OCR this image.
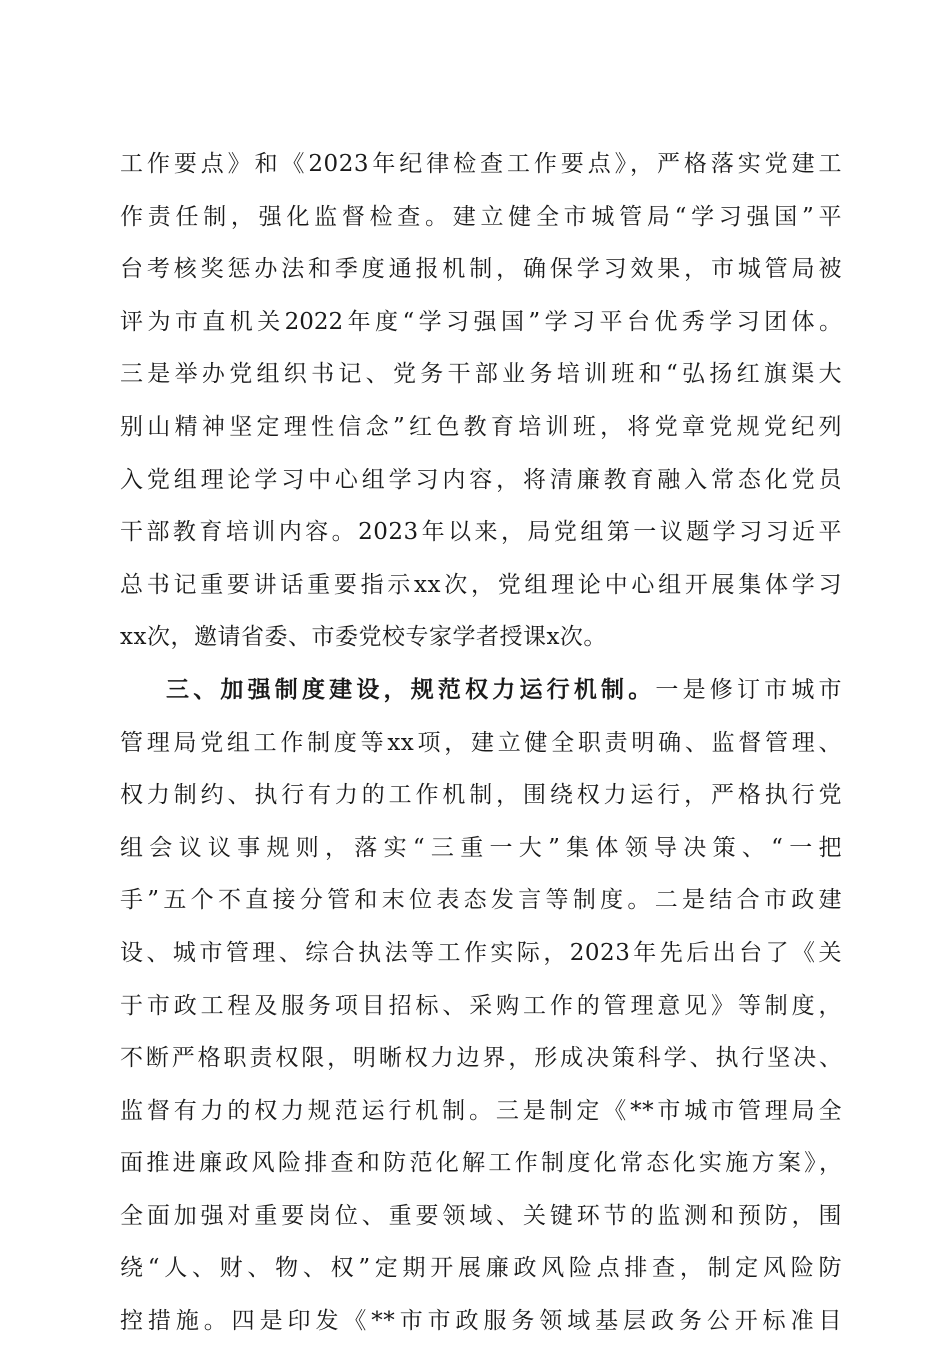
工作要点》和《2023年纪律检查工作要点》，严格落实党建工
作责任制，强化监督检查。建立健全市城管局“学习强国”平
台考核奖惩办法和季度通报机制，确保学习效果，市城管局被
评为市直机关2022年度“学习强国”学习平台优秀学习团体。
三是举办党组织书记、党务干部业务培训班和“弘扬红旗渠大
别山精神坚定理性信念”红色教育培训班，将党章党规党纪列
入党组理论学习中心组学习内容，将清廉教育融入常态化党员
干部教育培训内容。2023年以来，局党组第一议题学习习近平
总书记重要讲话重要指示xx次，党组理论中心组开展集体学习
xx次，邀请省委、市委党校专家学者授课x次。
三、加强制度建设，规范权力运行机制。一是修订市城市
管理局党组工作制度等xx项，建立健全职责明确、监督管理、
权力制约、执行有力的工作机制，围绕权力运行，严格执行党
组会议议事规则，落实“三重一大”集体领导决策、“一把
手”五个不直接分管和末位表态发言等制度。二是结合市政建
设、城市管理、综合执法等工作实际，2023年先后出台了《关
于市政工程及服务项目招标、采购工作的管理意见》等制度，
不断严格职责权限，明晰权力边界，形成决策科学、执行坚决、
监督有力的权力规范运行机制。三是制定《**市城市管理局全
面推进廉政风险排查和防范化解工作制度化常态化实施方案》，
全面加强对重要岗位、重要领域、关键环节的监测和预防，围
绕“人、财、物、权”定期开展廉政风险点排查，制定风险防
控措施。四是印发《**市市政服务领域基层政务公开标准目
